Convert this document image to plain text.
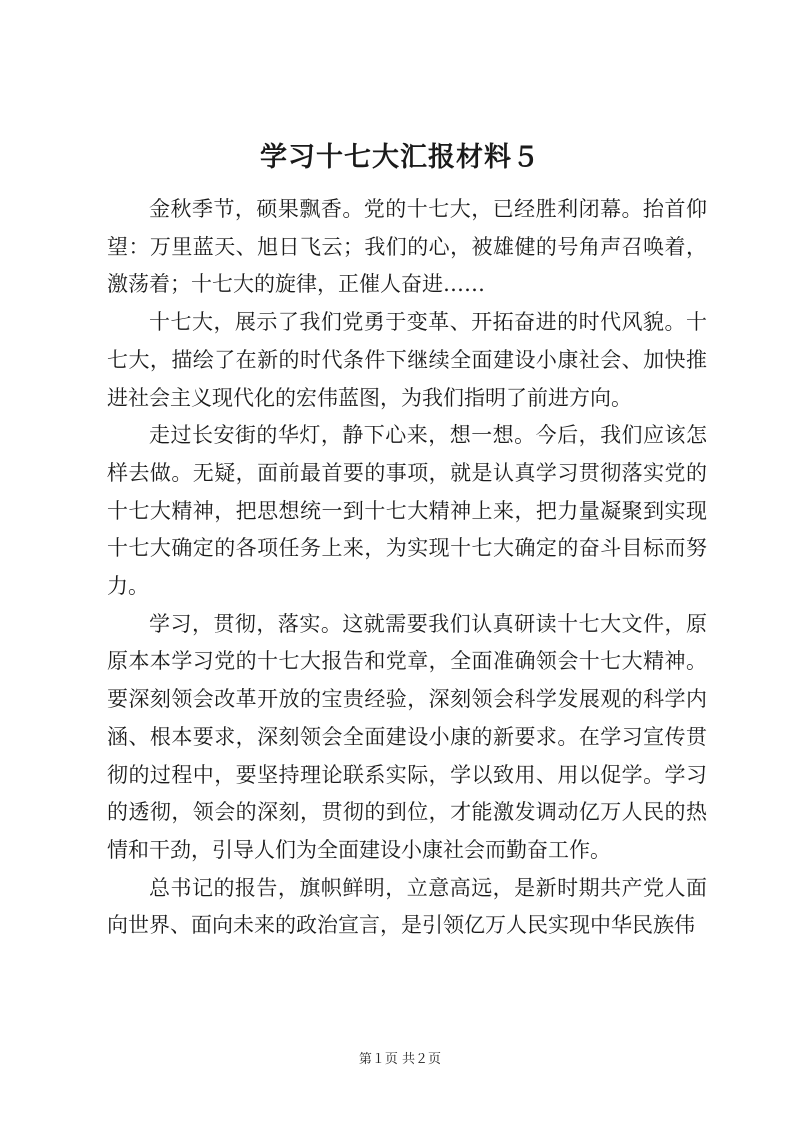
学习十七大汇报材料５

金秋季节，硕果飘香。党的十七大，已经胜利闭幕。抬首仰望：万里蓝天、旭日飞云；我们的心，被雄健的号角声召唤着，激荡着；十七大的旋律，正催人奋进……

十七大，展示了我们党勇于变革、开拓奋进的时代风貌。十七大，描绘了在新的时代条件下继续全面建设小康社会、加快推进社会主义现代化的宏伟蓝图，为我们指明了前进方向。

走过长安街的华灯，静下心来，想一想。今后，我们应该怎样去做。无疑，面前最首要的事项，就是认真学习贯彻落实党的十七大精神，把思想统一到十七大精神上来，把力量凝聚到实现十七大确定的各项任务上来，为实现十七大确定的奋斗目标而努力。

学习，贯彻，落实。这就需要我们认真研读十七大文件，原原本本学习党的十七大报告和党章，全面准确领会十七大精神。要深刻领会改革开放的宝贵经验，深刻领会科学发展观的科学内涵、根本要求，深刻领会全面建设小康的新要求。在学习宣传贯彻的过程中，要坚持理论联系实际，学以致用、用以促学。学习的透彻，领会的深刻，贯彻的到位，才能激发调动亿万人民的热情和干劲，引导人们为全面建设小康社会而勤奋工作。

总书记的报告，旗帜鲜明，立意高远，是新时期共产党人面向世界、面向未来的政治宣言，是引领亿万人民实现中华民族伟

第１页 共２页
